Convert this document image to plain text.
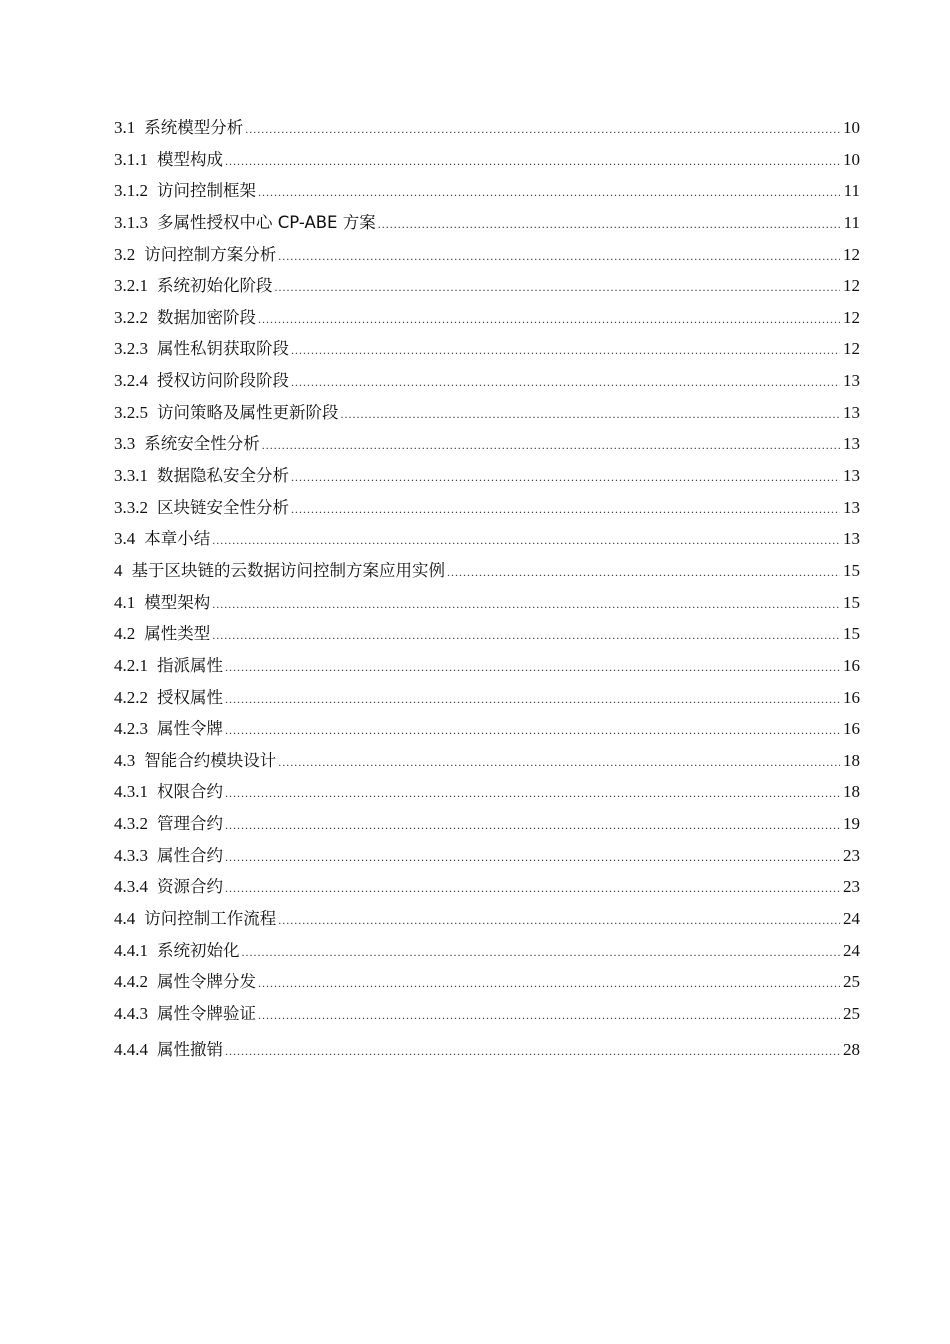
3.1 系统模型分析 .....	10
3.1.1 模型构成 .....	10
3.1.2 访问控制框架 .....	11
3.1.3 多属性授权中心 CP-ABE 方案 .....	11
3.2 访问控制方案分析 .....	12
3.2.1 系统初始化阶段 .....	12
3.2.2 数据加密阶段 .....	12
3.2.3 属性私钥获取阶段 .....	12
3.2.4 授权访问阶段阶段 .....	13
3.2.5 访问策略及属性更新阶段 .....	13
3.3 系统安全性分析 .....	13
3.3.1 数据隐私安全分析 .....	13
3.3.2 区块链安全性分析 .....	13
3.4 本章小结 .....	13
4 基于区块链的云数据访问控制方案应用实例 .....	15
4.1 模型架构 .....	15
4.2 属性类型 .....	15
4.2.1 指派属性 .....	16
4.2.2 授权属性 .....	16
4.2.3 属性令牌 .....	16
4.3 智能合约模块设计 .....	18
4.3.1 权限合约 .....	18
4.3.2 管理合约 .....	19
4.3.3 属性合约 .....	23
4.3.4 资源合约 .....	23
4.4 访问控制工作流程 .....	24
4.4.1 系统初始化 .....	24
4.4.2 属性令牌分发 .....	25
4.4.3 属性令牌验证 .....	25
4.4.4 属性撤销 .....	28
